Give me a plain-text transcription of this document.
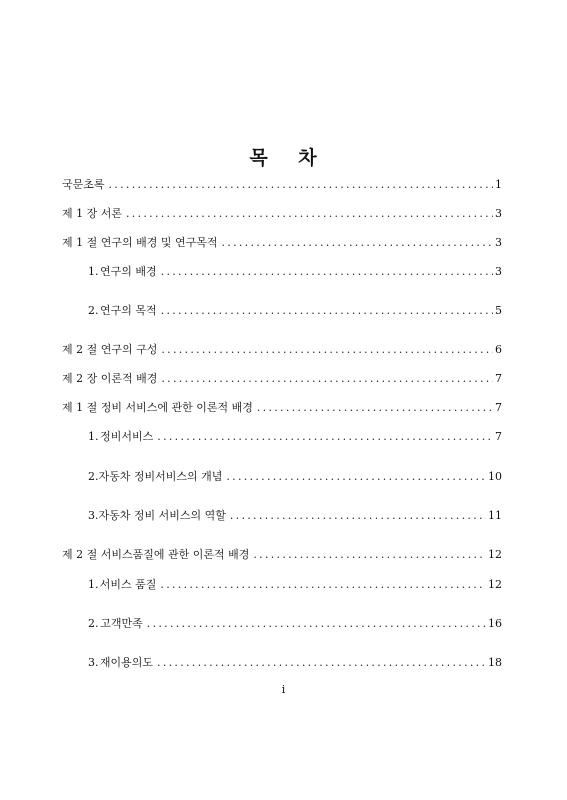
목 차
국문초록 . . .	1
제 1 장 서론 . . .	3
제 1 절 연구의 배경 및 연구목적 . . .	3
1. 연구의 배경 . . .	3
2. 연구의 목적 . . .	5
제 2 절 연구의 구성 . . .	6
제 2 장 이론적 배경 . . .	7
제 1 절 정비 서비스에 관한 이론적 배경 . . .	7
1. 정비서비스 . . .	7
2. 자동차 정비서비스의 개념 . . .	10
3. 자동차 정비 서비스의 역할 . . .	11
제 2 절 서비스품질에 관한 이론적 배경 . . .	12
1. 서비스 품질 . . .	12
2. 고객만족 . . .	16
3. 재이용의도 . . .	18
i
